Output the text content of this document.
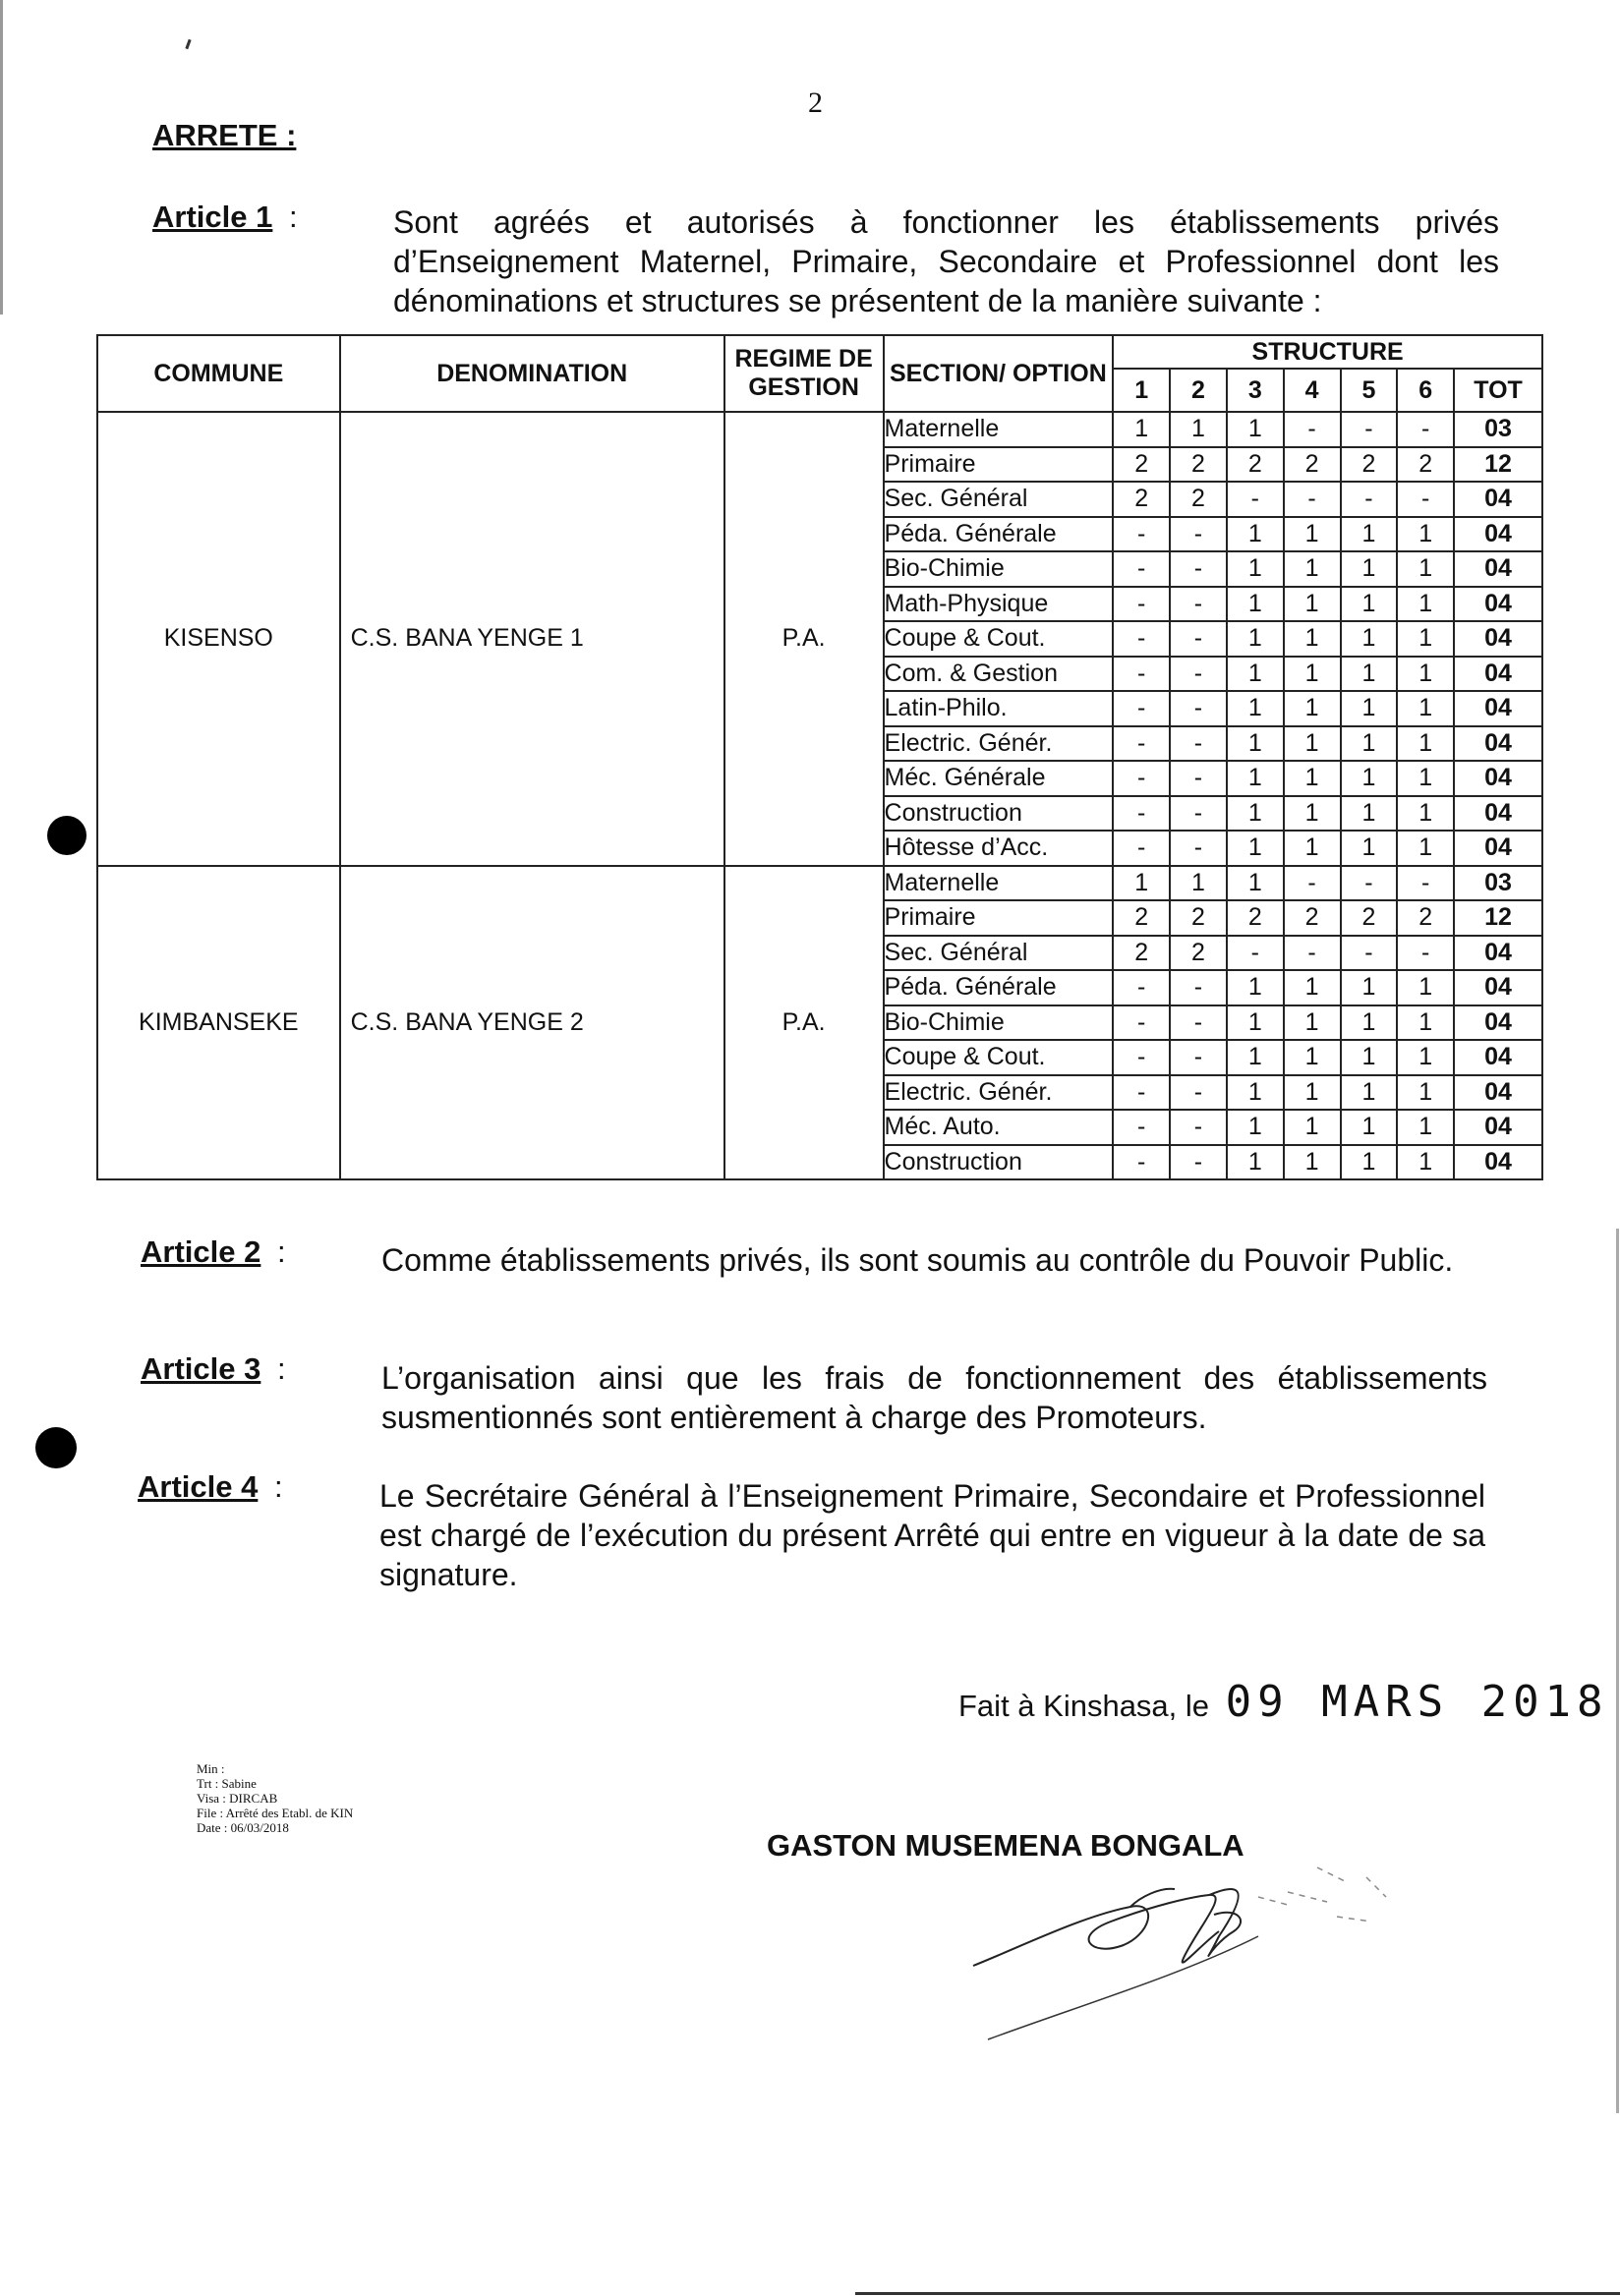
2
ARRETE :
Article 1 :	Sont agréés et autorisés à fonctionner les établissements privés d’Enseignement Maternel, Primaire, Secondaire et Professionnel dont les dénominations et structures se présentent de la manière suivante :
COMMUNE	DENOMINATION	REGIME DE GESTION	SECTION/ OPTION	STRUCTURE						
				1	2	3	4	5	6	TOT
KISENSO	C.S. BANA YENGE 1	P.A.	Maternelle	1	1	1	-	-	-	03
			Primaire	2	2	2	2	2	2	12
			Sec. Général	2	2	-	-	-	-	04
			Péda. Générale	-	-	1	1	1	1	04
			Bio-Chimie	-	-	1	1	1	1	04
			Math-Physique	-	-	1	1	1	1	04
			Coupe & Cout.	-	-	1	1	1	1	04
			Com. & Gestion	-	-	1	1	1	1	04
			Latin-Philo.	-	-	1	1	1	1	04
			Electric. Génér.	-	-	1	1	1	1	04
			Méc. Générale	-	-	1	1	1	1	04
			Construction	-	-	1	1	1	1	04
			Hôtesse d’Acc.	-	-	1	1	1	1	04
KIMBANSEKE	C.S. BANA YENGE 2	P.A.	Maternelle	1	1	1	-	-	-	03
			Primaire	2	2	2	2	2	2	12
			Sec. Général	2	2	-	-	-	-	04
			Péda. Générale	-	-	1	1	1	1	04
			Bio-Chimie	-	-	1	1	1	1	04
			Coupe & Cout.	-	-	1	1	1	1	04
			Electric. Génér.	-	-	1	1	1	1	04
			Méc. Auto.	-	-	1	1	1	1	04
			Construction	-	-	1	1	1	1	04
Article 2 :	Comme établissements privés, ils sont soumis au contrôle du Pouvoir Public.
Article 3 :	L’organisation ainsi que les frais de fonctionnement des établissements susmentionnés sont entièrement à charge des Promoteurs.
Article 4 :	Le Secrétaire Général à l’Enseignement Primaire, Secondaire et Professionnel est chargé de l’exécution du présent Arrêté qui entre en vigueur à la date de sa signature.
Fait à Kinshasa, le 09 MARS 2018
Min :
Trt : Sabine
Visa : DIRCAB
File : Arrêté des Etabl. de KIN
Date : 06/03/2018
GASTON MUSEMENA BONGALA
